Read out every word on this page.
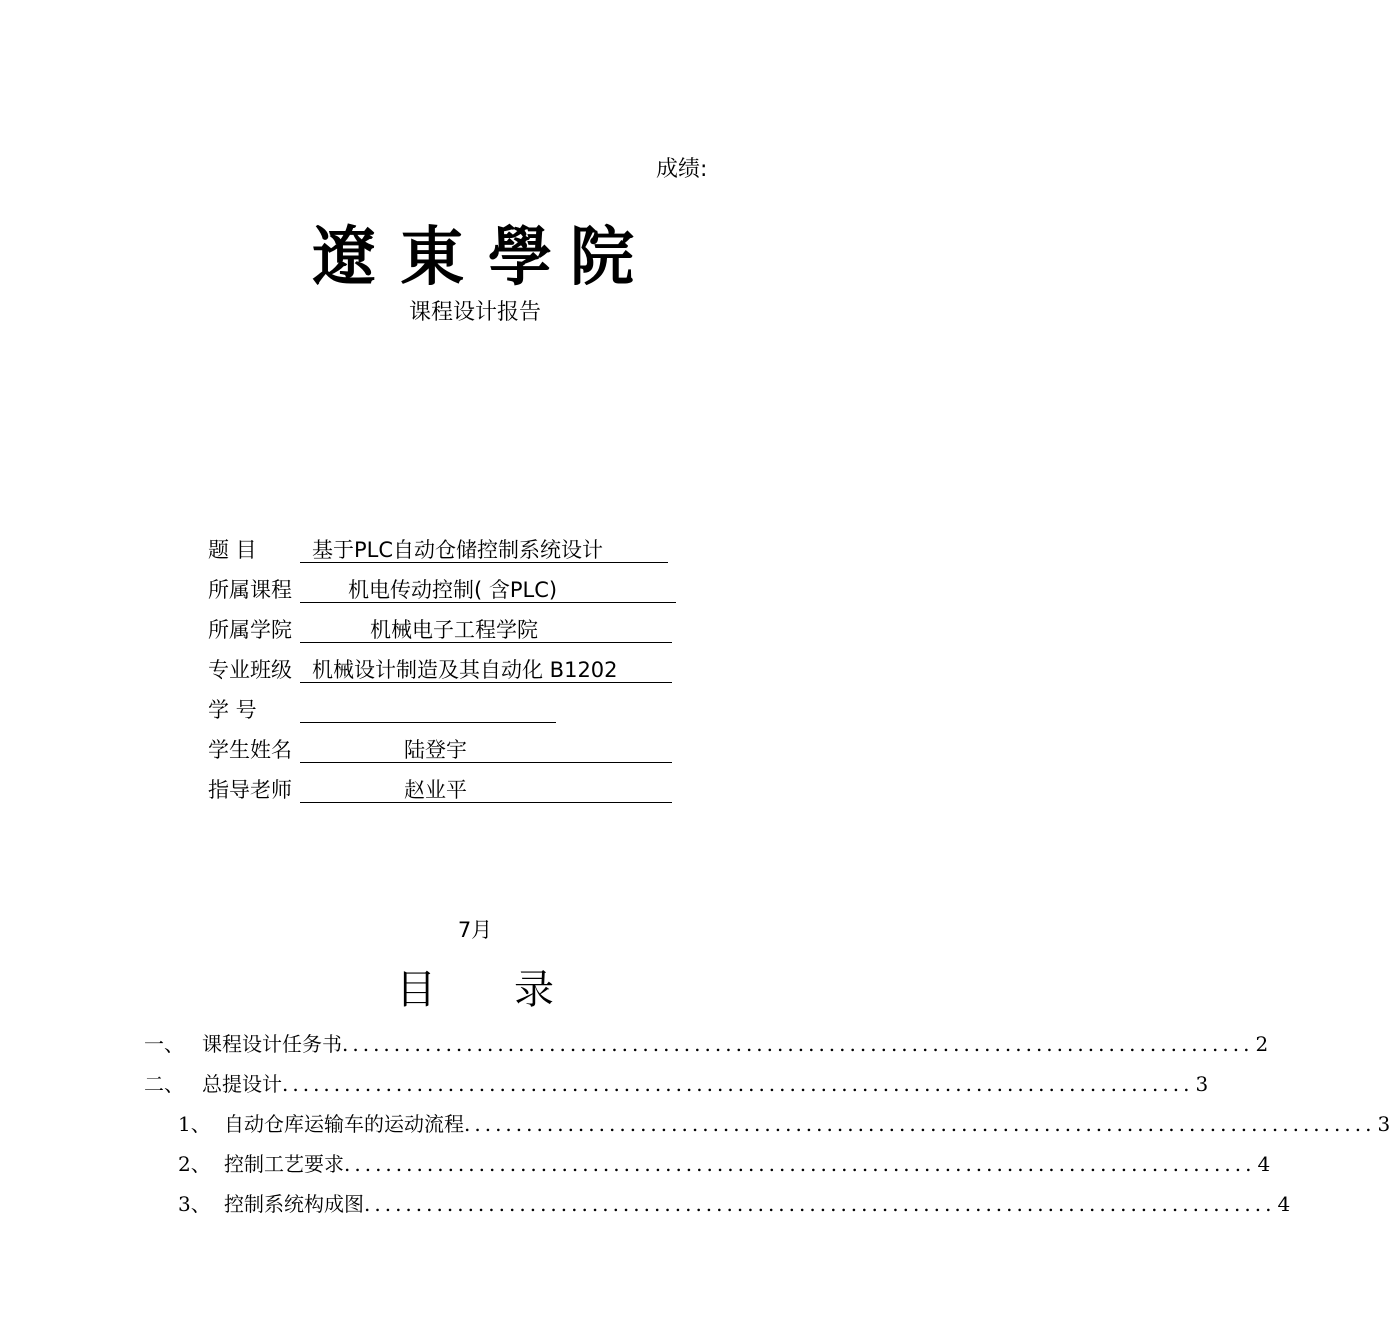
成绩:
遼 東 學 院
课程设计报告
题 目	基于PLC自动仓储控制系统设计
所属课程	机电传动控制( 含PLC)
所属学院	机械电子工程学院
专业班级 机械设计制造及其自动化 B1202
学 号
学生姓名	陆登宇
指导老师	赵业平
7月
目 录
一、 课程设计任务书 ........................................................................................ 2
二、 总提设计 ........................................................................................ 3
1、 自动仓库运输车的运动流程 ........................................................................................ 3
2、 控制工艺要求 ........................................................................................ 4
3、 控制系统构成图 ........................................................................................ 4
